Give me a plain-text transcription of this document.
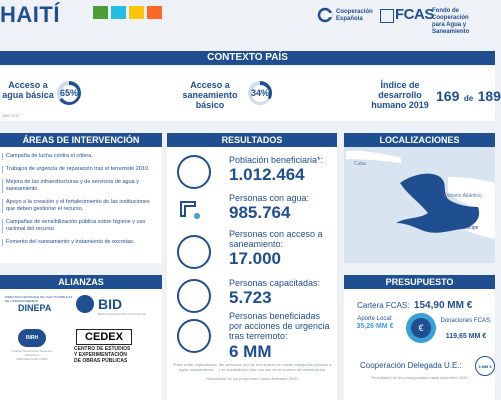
HAITÍ	Cooperación
Española	FCAS
Fondo de Cooperación
para Agua y Saneamiento
CONTEXTO PAÍS
Acceso a agua básica 65%
Acceso a saneamiento básico
34%
Índice de desarrollo humano 2019
169 de 189
JMP 2017
ÁREAS DE INTERVENCIÓN
Campaña de lucha contra el cólera.
Trabajos de urgencia de reparación tras el terremoto 2010.
Mejora de las infraestructuras y de servicios de agua y saneamiento.
Apoyo a la creación y el fortalecimiento de las instituciones que deben gestionar el recurso.
Campañas de sensibilización pública sobre higiene y uso racional del recurso.
Fomento del saneamiento y tratamiento de excretas.
RESULTADOS
Población beneficiaria*:
1.012.464
Personas con agua:
985.764
Personas con acceso a saneamiento:
17.000
Personas capacitadas:
5.723
Personas beneficiadas por acciones de urgencia tras terremoto:
6 MM
*Para evitar duplicidades, las personas que se encuentran en varias categorías (acceso a agua, saneamiento, ...) se contabilizan solo una vez en el número de beneficiarios
Resultados de los programas hasta diciembre 2020
LOCALIZACIONES
Cuba
Océano Atlántico
Puerto Príncipe
ALIANZAS
DIRECTION NATIONALE DE L'EAU POTABLE ET DE L'ASSAINISSEMENT
DINEPA	BID
Banco Interamericano de Desarrollo
INRH
Instituto Nacional de Recursos Hidráulicos
REPÚBLICA DE CUBA
CEDEX
CENTRO DE ESTUDIOS Y EXPERIMENTACIÓN DE OBRAS PÚBLICAS
PRESUPUESTO
Cartera FCAS: 154,90 MM €
Aporte Local:
35,26 MM €	€
Donaciones FCAS:
119,65 MM €
Cooperación Delegada U.E.:	3 MM €
Resultados de los presupuestos hasta diciembre 2020
